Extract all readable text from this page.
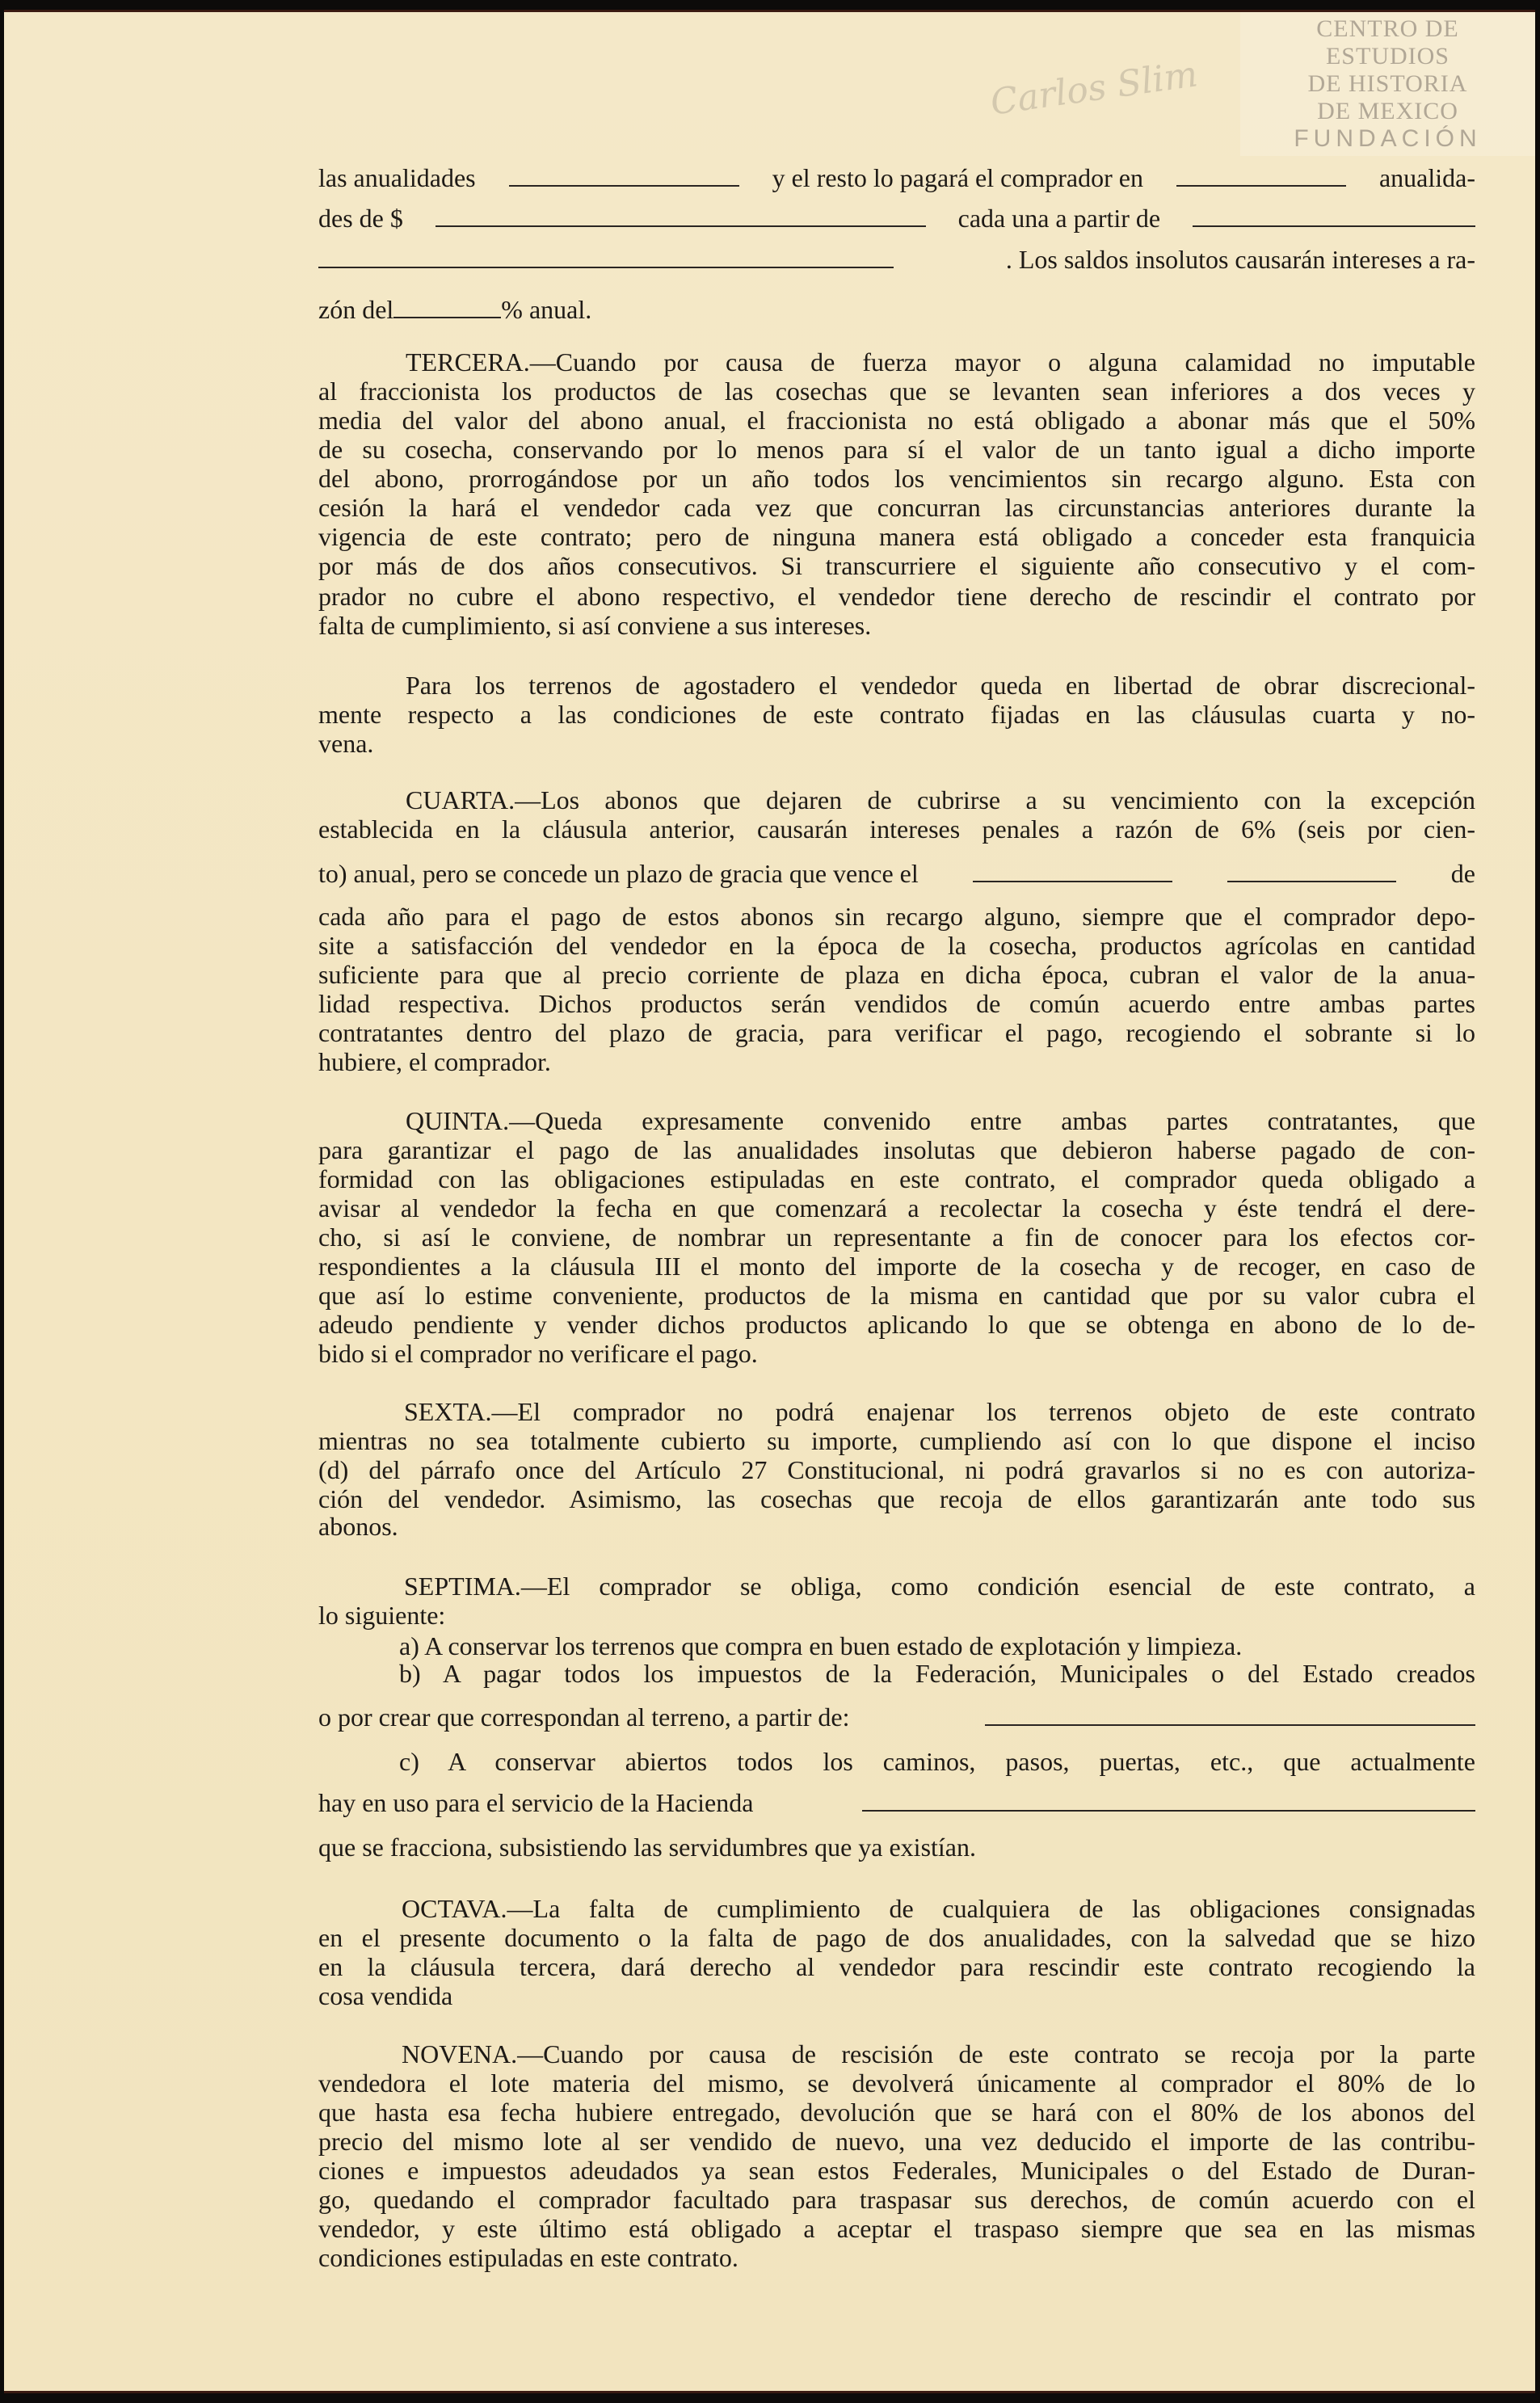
CENTRO DE
ESTUDIOS
DE HISTORIA
DE MEXICO
FUNDACIÓN
Carlos Slim
las anualidades	y el resto lo pagará el comprador en	anualida-
des de $	cada una a partir de
. Los saldos insolutos causarán intereses a ra-
zón del	% anual.
TERCERA.—Cuando por causa de fuerza mayor o alguna calamidad no imputable
al fraccionista los productos de las cosechas que se levanten sean inferiores a dos veces y
media del valor del abono anual, el fraccionista no está obligado a abonar más que el 50%
de su cosecha, conservando por lo menos para sí el valor de un tanto igual a dicho importe
del abono, prorrogándose por un año todos los vencimientos sin recargo alguno. Esta con
cesión la hará el vendedor cada vez que concurran las circunstancias anteriores durante la
vigencia de este contrato; pero de ninguna manera está obligado a conceder esta franquicia
por más de dos años consecutivos. Si transcurriere el siguiente año consecutivo y el com-
prador no cubre el abono respectivo, el vendedor tiene derecho de rescindir el contrato por
falta de cumplimiento, si así conviene a sus intereses.
Para los terrenos de agostadero el vendedor queda en libertad de obrar discrecional-
mente respecto a las condiciones de este contrato fijadas en las cláusulas cuarta y no-
vena.
CUARTA.—Los abonos que dejaren de cubrirse a su vencimiento con la excepción
establecida en la cláusula anterior, causarán intereses penales a razón de 6% (seis por cien-
to) anual, pero se concede un plazo de gracia que vence el	de
cada año para el pago de estos abonos sin recargo alguno, siempre que el comprador depo-
site a satisfacción del vendedor en la época de la cosecha, productos agrícolas en cantidad
suficiente para que al precio corriente de plaza en dicha época, cubran el valor de la anua-
lidad respectiva. Dichos productos serán vendidos de común acuerdo entre ambas partes
contratantes dentro del plazo de gracia, para verificar el pago, recogiendo el sobrante si lo
hubiere, el comprador.
QUINTA.—Queda expresamente convenido entre ambas partes contratantes, que
para garantizar el pago de las anualidades insolutas que debieron haberse pagado de con-
formidad con las obligaciones estipuladas en este contrato, el comprador queda obligado a
avisar al vendedor la fecha en que comenzará a recolectar la cosecha y éste tendrá el dere-
cho, si así le conviene, de nombrar un representante a fin de conocer para los efectos cor-
respondientes a la cláusula III el monto del importe de la cosecha y de recoger, en caso de
que así lo estime conveniente, productos de la misma en cantidad que por su valor cubra el
adeudo pendiente y vender dichos productos aplicando lo que se obtenga en abono de lo de-
bido si el comprador no verificare el pago.
SEXTA.—El comprador no podrá enajenar los terrenos objeto de este contrato
mientras no sea totalmente cubierto su importe, cumpliendo así con lo que dispone el inciso
(d) del párrafo once del Artículo 27 Constitucional, ni podrá gravarlos si no es con autoriza-
ción del vendedor. Asimismo, las cosechas que recoja de ellos garantizarán ante todo sus
abonos.
SEPTIMA.—El comprador se obliga, como condición esencial de este contrato, a
lo siguiente:
a) A conservar los terrenos que compra en buen estado de explotación y limpieza.
b) A pagar todos los impuestos de la Federación, Municipales o del Estado creados
o por crear que correspondan al terreno, a partir de:
c) A conservar abiertos todos los caminos, pasos, puertas, etc., que actualmente
hay en uso para el servicio de la Hacienda
que se fracciona, subsistiendo las servidumbres que ya existían.
OCTAVA.—La falta de cumplimiento de cualquiera de las obligaciones consignadas
en el presente documento o la falta de pago de dos anualidades, con la salvedad que se hizo
en la cláusula tercera, dará derecho al vendedor para rescindir este contrato recogiendo la
cosa vendida
NOVENA.—Cuando por causa de rescisión de este contrato se recoja por la parte
vendedora el lote materia del mismo, se devolverá únicamente al comprador el 80% de lo
que hasta esa fecha hubiere entregado, devolución que se hará con el 80% de los abonos del
precio del mismo lote al ser vendido de nuevo, una vez deducido el importe de las contribu-
ciones e impuestos adeudados ya sean estos Federales, Municipales o del Estado de Duran-
go, quedando el comprador facultado para traspasar sus derechos, de común acuerdo con el
vendedor, y este último está obligado a aceptar el traspaso siempre que sea en las mismas
condiciones estipuladas en este contrato.
